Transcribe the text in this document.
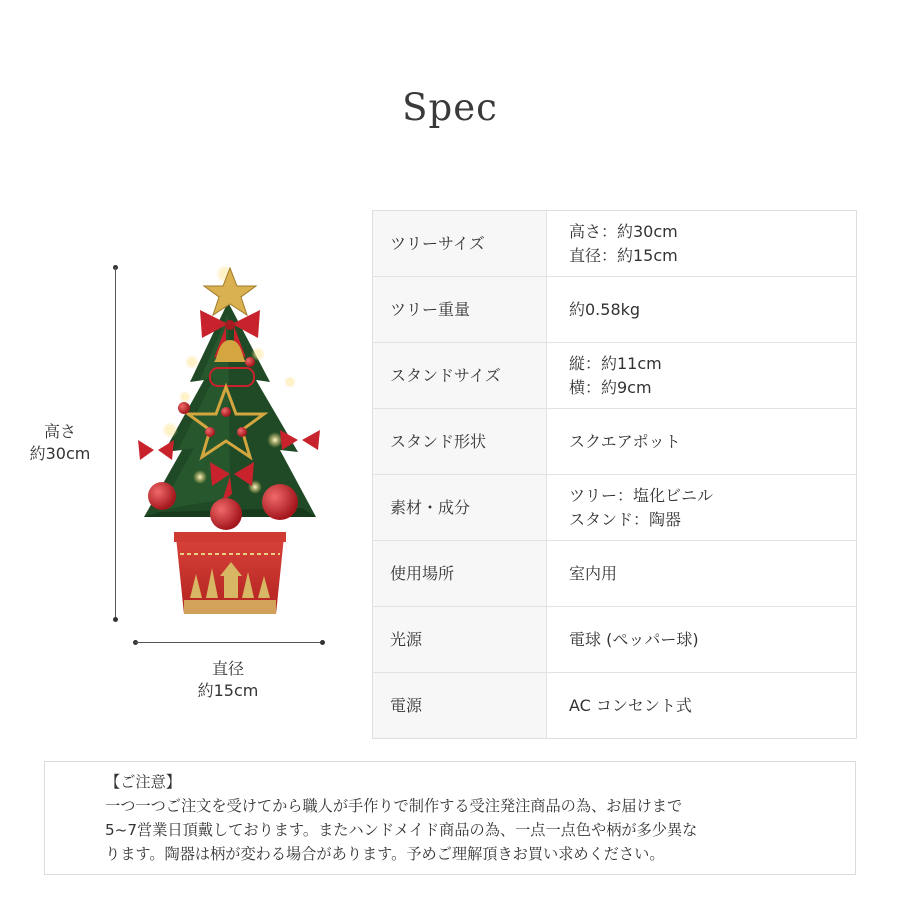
Spec
高さ
約30cm
直径
約15cm
ツリーサイズ	高さ：約30cm
直径：約15cm

ツリー重量	約0.58kg

スタンドサイズ	縦：約11cm
横：約9cm

スタンド形状	スクエアポット

素材・成分	ツリー：塩化ビニル
スタンド：陶器

使用場所	室内用

光源	電球 (ペッパー球)

電源	AC コンセント式
【ご注意】
一つ一つご注文を受けてから職人が手作りで制作する受注発注商品の為、お届けまで
5~7営業日頂戴しております。またハンドメイド商品の為、一点一点色や柄が多少異な
ります。陶器は柄が変わる場合があります。予めご理解頂きお買い求めください。
